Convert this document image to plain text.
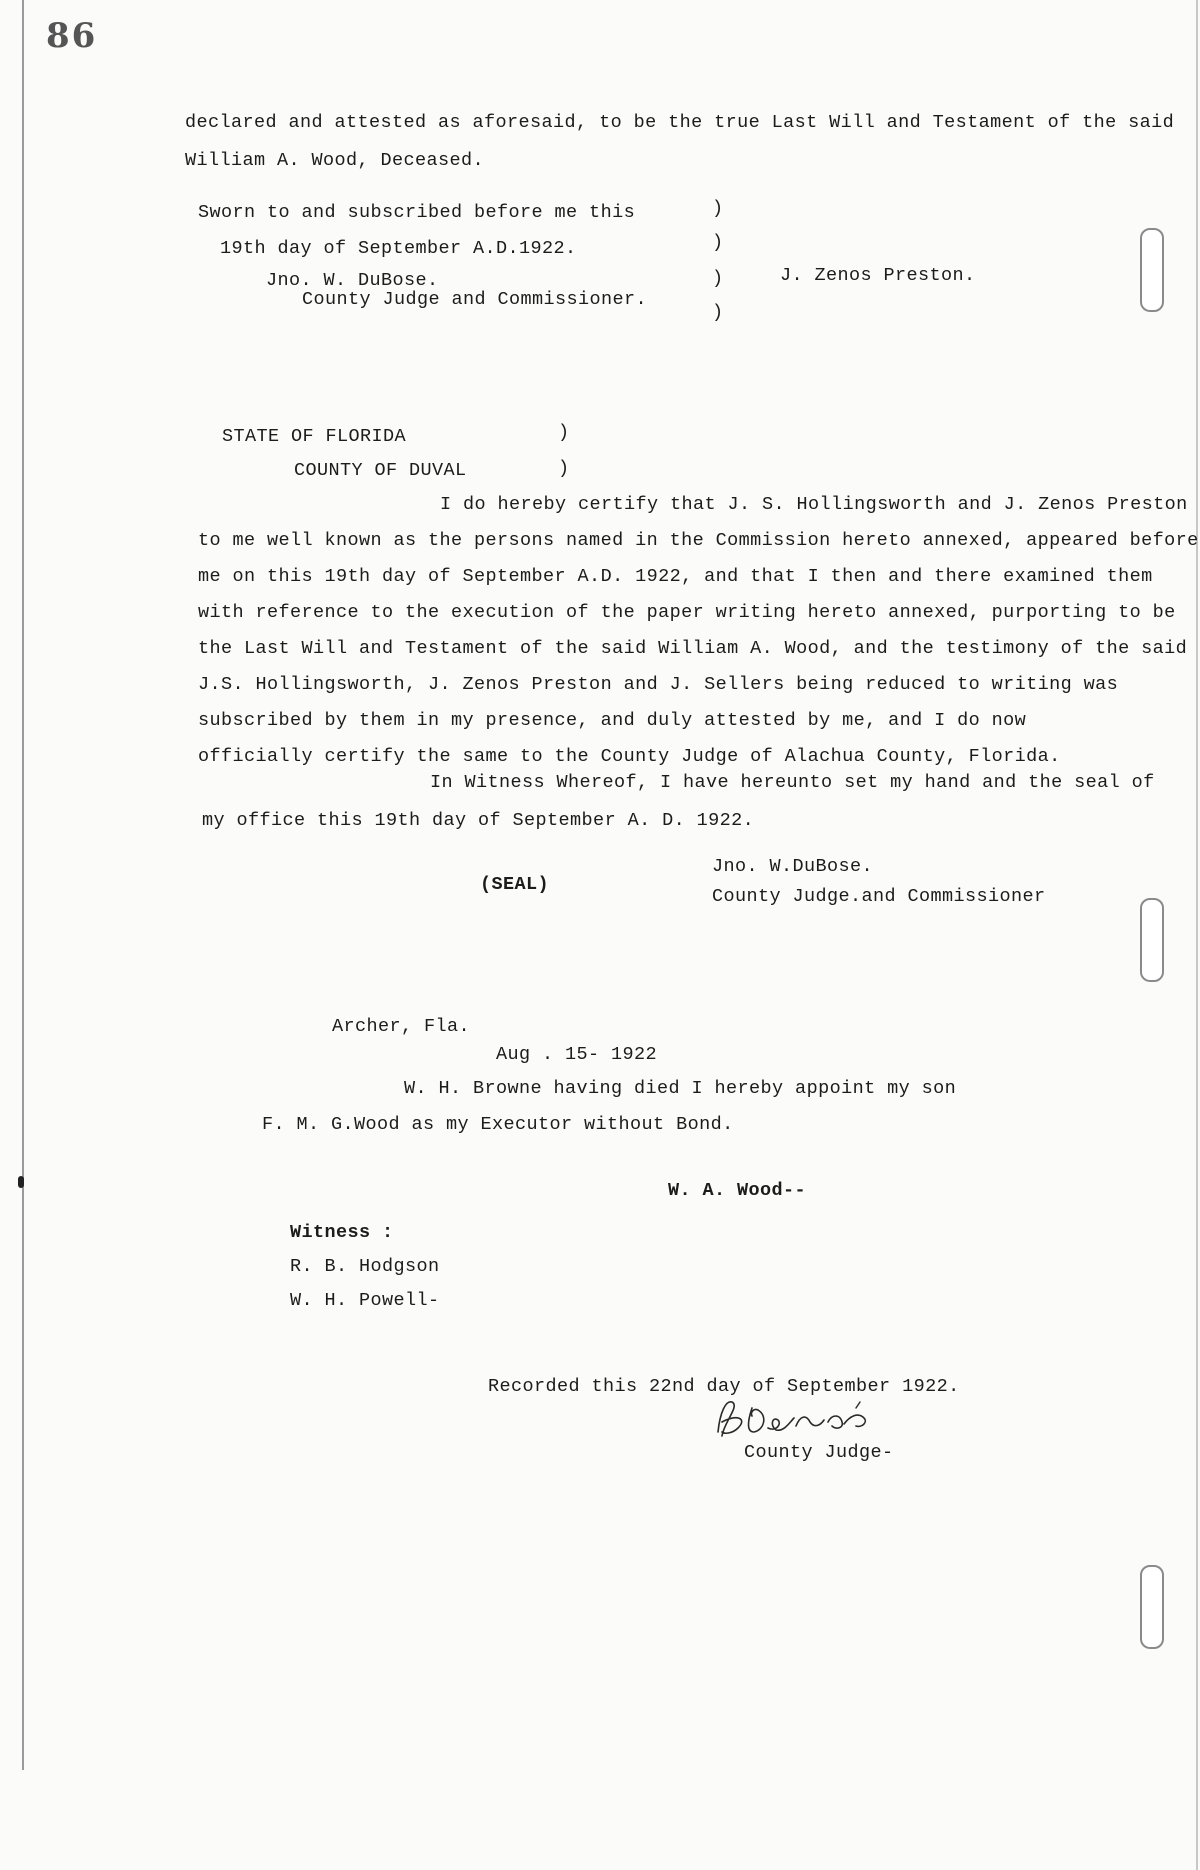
86
declared and attested as aforesaid, to be the true Last Will and Testament of the said
William A. Wood, Deceased.
Sworn to and subscribed before me this
19th day of September A.D.1922.
Jno. W. DuBose.
County Judge and Commissioner.
)
)
)
)
J. Zenos Preston.
STATE OF FLORIDA
COUNTY OF DUVAL
)
)
I do hereby certify that J. S. Hollingsworth and J. Zenos Preston
to me well known as the persons named in the Commission hereto annexed, appeared before
me on this 19th day of September A.D. 1922, and that I then and there examined them
with reference to the execution of the paper writing hereto annexed, purporting to be
the Last Will and Testament of the said William A. Wood, and the testimony of the said
J.S. Hollingsworth, J. Zenos Preston and J. Sellers being reduced to writing was
subscribed by them in my presence, and duly attested by me, and I do now
officially certify the same to the County Judge of Alachua County, Florida.
In Witness Whereof, I have hereunto set my hand and the seal of
my office this 19th day of September A. D. 1922.
(SEAL)
Jno. W.DuBose.
County Judge.and Commissioner
Archer, Fla.
Aug . 15- 1922
W. H. Browne having died I hereby appoint my son
F. M. G.Wood as my Executor without Bond.
W. A. Wood--
Witness :
R. B. Hodgson
W. H. Powell-
Recorded this 22nd day of September 1922.
County Judge-
